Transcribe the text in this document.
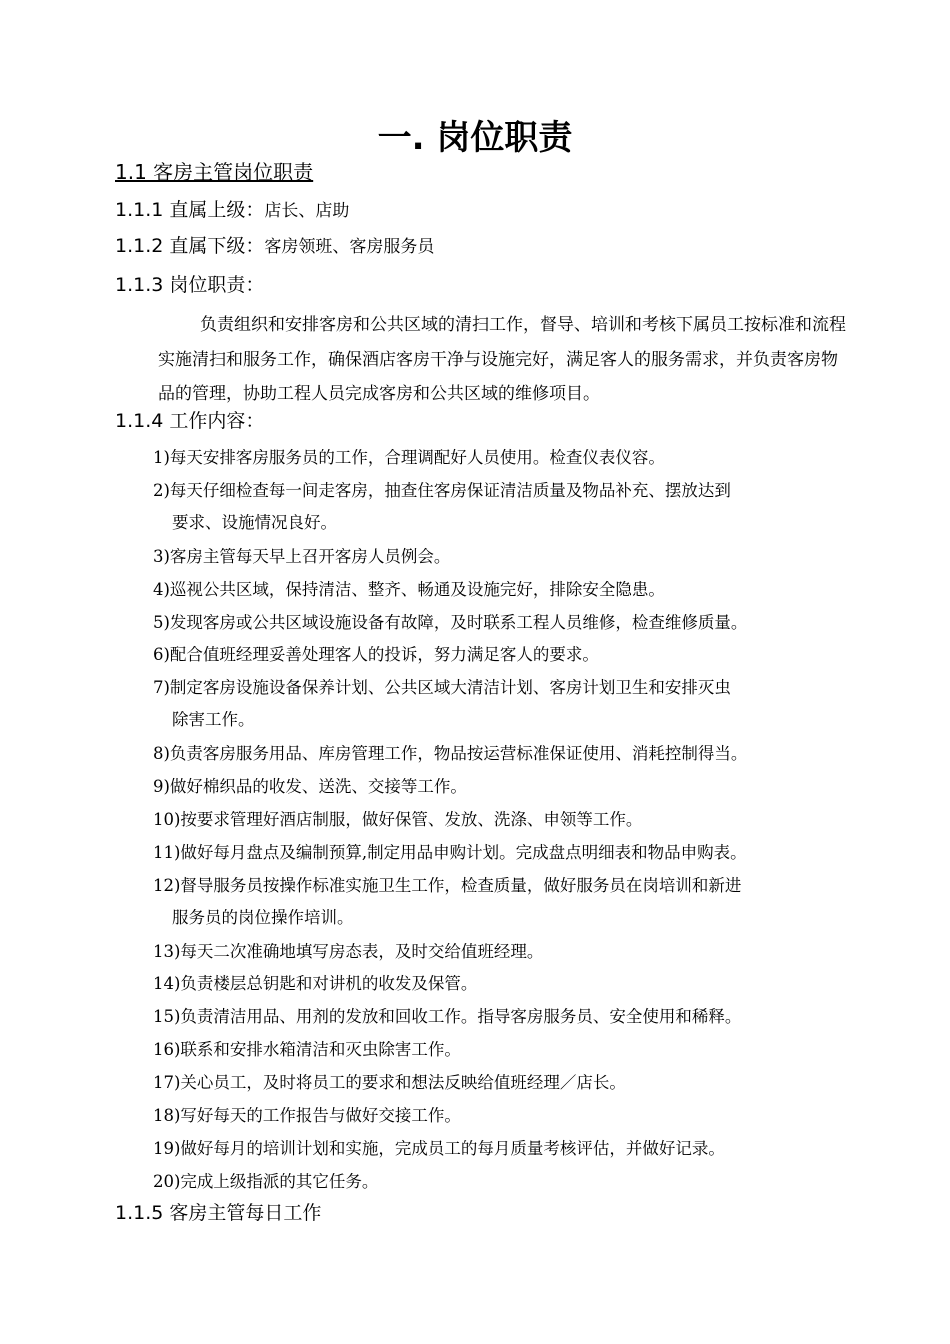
一. 岗位职责
1.1 客房主管岗位职责
1.1.1 直属上级：店长、店助
1.1.2 直属下级：客房领班、客房服务员
1.1.3 岗位职责：

负责组织和安排客房和公共区域的清扫工作，督导、培训和考核下属员工按标准和流程实施清扫和服务工作，确保酒店客房干净与设施完好，满足客人的服务需求，并负责客房物品的管理，协助工程人员完成客房和公共区域的维修项目。

1.1.4 工作内容：
1)每天安排客房服务员的工作，合理调配好人员使用。检查仪表仪容。
2)每天仔细检查每一间走客房，抽查住客房保证清洁质量及物品补充、摆放达到
要求、设施情况良好。
3)客房主管每天早上召开客房人员例会。
4)巡视公共区域，保持清洁、整齐、畅通及设施完好，排除安全隐患。
5)发现客房或公共区域设施设备有故障，及时联系工程人员维修，检查维修质量。
6)配合值班经理妥善处理客人的投诉，努力满足客人的要求。
7)制定客房设施设备保养计划、公共区域大清洁计划、客房计划卫生和安排灭虫
除害工作。
8)负责客房服务用品、库房管理工作，物品按运营标准保证使用、消耗控制得当。
9)做好棉织品的收发、送洗、交接等工作。
10)按要求管理好酒店制服，做好保管、发放、洗涤、申领等工作。
11)做好每月盘点及编制预算,制定用品申购计划。完成盘点明细表和物品申购表。
12)督导服务员按操作标准实施卫生工作，检查质量，做好服务员在岗培训和新进
服务员的岗位操作培训。
13)每天二次准确地填写房态表，及时交给值班经理。
14)负责楼层总钥匙和对讲机的收发及保管。
15)负责清洁用品、用剂的发放和回收工作。指导客房服务员、安全使用和稀释。
16)联系和安排水箱清洁和灭虫除害工作。
17)关心员工，及时将员工的要求和想法反映给值班经理／店长。
18)写好每天的工作报告与做好交接工作。
19)做好每月的培训计划和实施，完成员工的每月质量考核评估，并做好记录。
20)完成上级指派的其它任务。
1.1.5 客房主管每日工作
